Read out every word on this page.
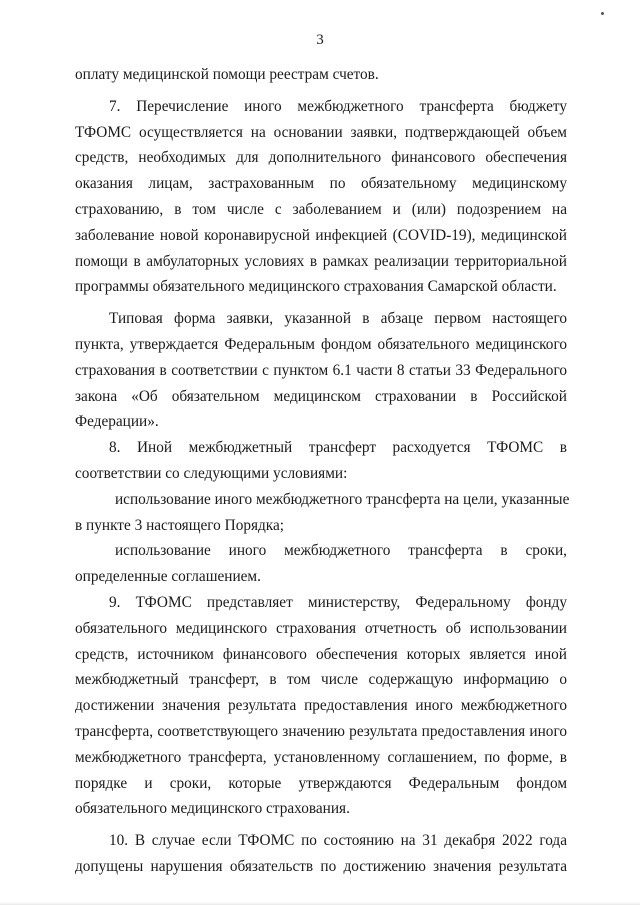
3
оплату медицинской помощи реестрам счетов.
7. Перечисление иного межбюджетного трансферта бюджету
ТФОМС осуществляется на основании заявки, подтверждающей объем
средств, необходимых для дополнительного финансового обеспечения
оказания лицам, застрахованным по обязательному медицинскому
страхованию, в том числе с заболеванием и (или) подозрением на
заболевание новой коронавирусной инфекцией (COVID-19), медицинской
помощи в амбулаторных условиях в рамках реализации территориальной
программы обязательного медицинского страхования Самарской области.
Типовая форма заявки, указанной в абзаце первом настоящего
пункта, утверждается Федеральным фондом обязательного медицинского
страхования в соответствии с пунктом 6.1 части 8 статьи 33 Федерального
закона «Об обязательном медицинском страховании в Российской
Федерации».
8. Иной межбюджетный трансферт расходуется ТФОМС в
соответствии со следующими условиями:
использование иного межбюджетного трансферта на цели, указанные
в пункте 3 настоящего Порядка;
использование иного межбюджетного трансферта в сроки,
определенные соглашением.
9. ТФОМС представляет министерству, Федеральному фонду
обязательного медицинского страхования отчетность об использовании
средств, источником финансового обеспечения которых является иной
межбюджетный трансферт, в том числе содержащую информацию о
достижении значения результата предоставления иного межбюджетного
трансферта, соответствующего значению результата предоставления иного
межбюджетного трансферта, установленному соглашением, по форме, в
порядке и сроки, которые утверждаются Федеральным фондом
обязательного медицинского страхования.
10. В случае если ТФОМС по состоянию на 31 декабря 2022 года
допущены нарушения обязательств по достижению значения результата
